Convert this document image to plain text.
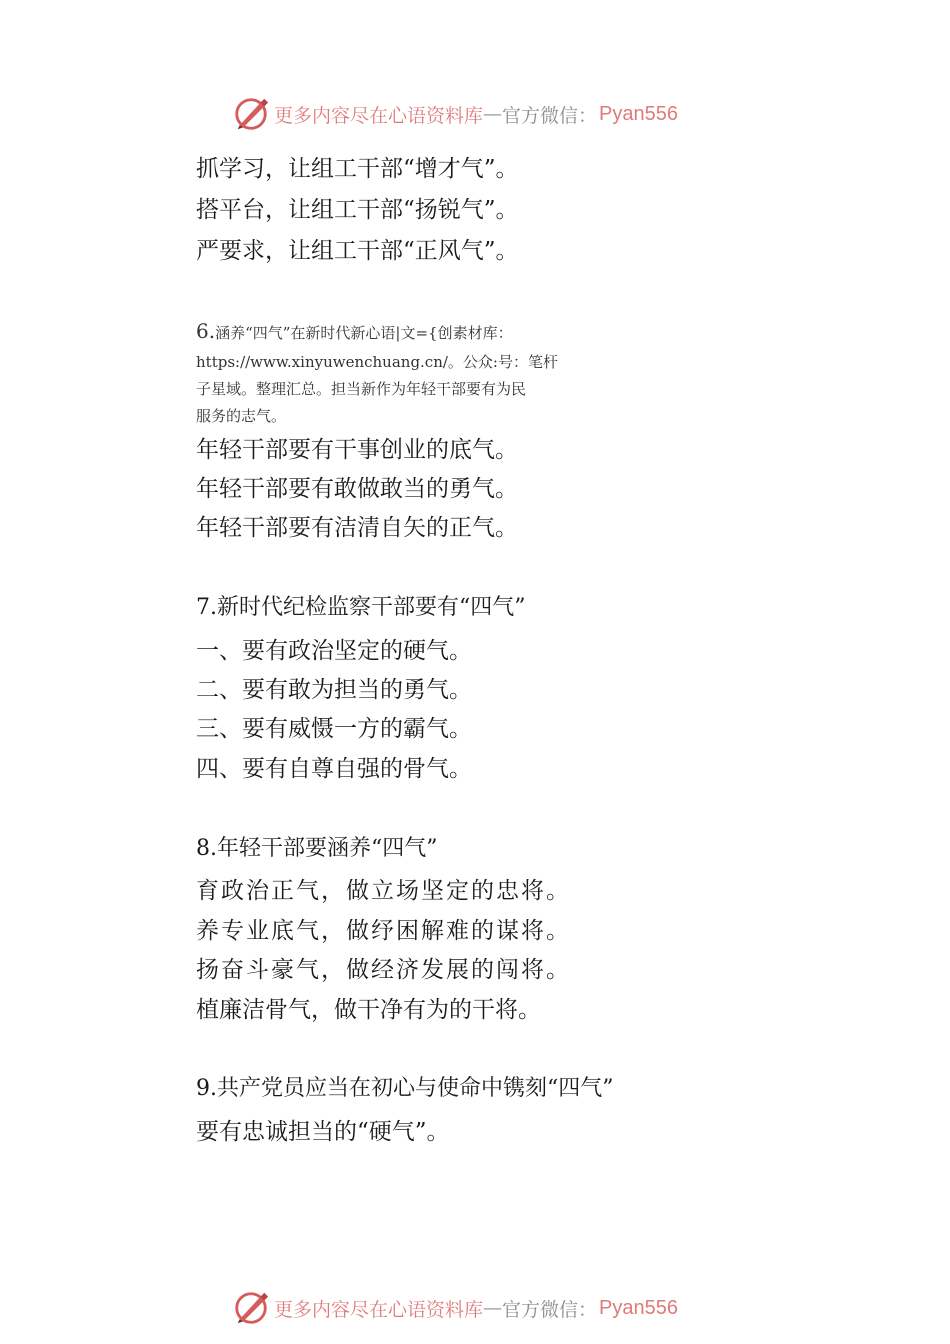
更多内容尽在心语资料库 — 官方微信： Pyan556
抓学习，让组工干部“增才气”。
搭平台，让组工干部“扬锐气”。
严要求，让组工干部“正风气”。
6.涵养“四气”在新时代新心语|文={创素材库：
https://www.xinyuwenchuang.cn/。公众:号：笔杆
子星域。整理汇总。担当新作为年轻干部要有为民
服务的志气。
年轻干部要有干事创业的底气。
年轻干部要有敢做敢当的勇气。
年轻干部要有洁清自矢的正气。
7.新时代纪检监察干部要有“四气”
一、要有政治坚定的硬气。
二、要有敢为担当的勇气。
三、要有威慑一方的霸气。
四、要有自尊自强的骨气。
8.年轻干部要涵养“四气”
育政治正气，做立场坚定的忠将。
养专业底气，做纾困解难的谋将。
扬奋斗豪气，做经济发展的闯将。
植廉洁骨气，做干净有为的干将。
9.共产党员应当在初心与使命中镌刻“四气”
要有忠诚担当的“硬气”。
更多内容尽在心语资料库 — 官方微信： Pyan556
